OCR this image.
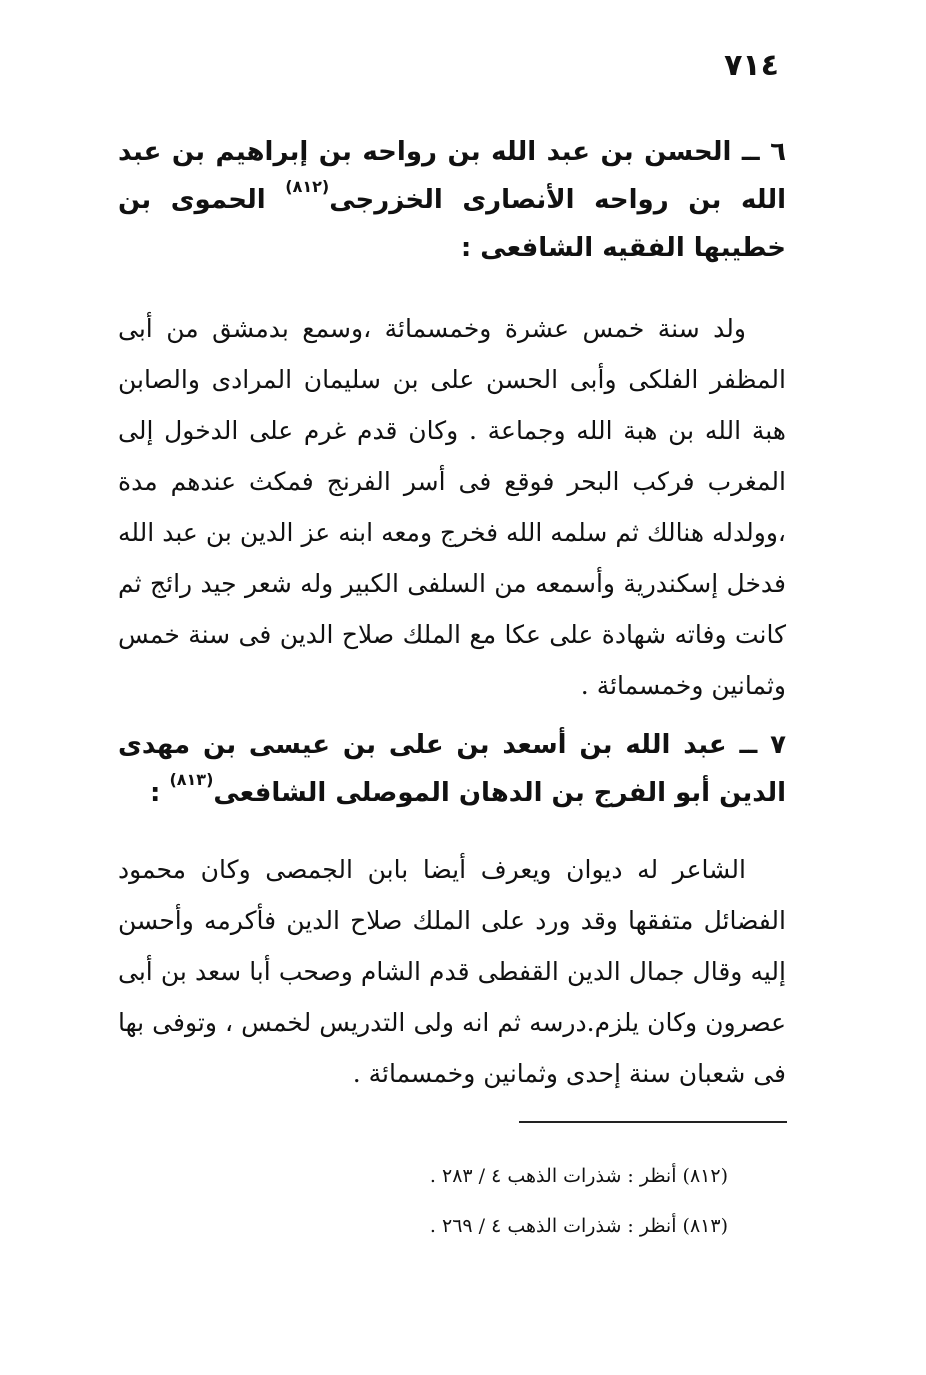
٧١٤
٦ ــ الحسن بن عبد الله بن رواحه بن إبراهيم بن عبد الله بن رواحه الأنصارى الخزرجى$^{(٨١٢)}$ الحموى بن خطيبها الفقيه الشافعى :

ولد سنة خمس عشرة وخمسمائة ،وسمع بدمشق من أبى المظفر الفلكى وأبى الحسن على بن سليمان المرادى والصابن هبة الله بن هبة الله وجماعة . وكان قدم غرم على الدخول إلى المغرب فركب البحر فوقع فى أسر الفرنج فمكث عندهم مدة ،وولدله هنالك ثم سلمه الله فخرج ومعه ابنه عز الدين بن عبد الله فدخل إسكندرية وأسمعه من السلفى الكبير وله شعر جيد رائج ثم كانت وفاته شهادة على عكا مع الملك صلاح الدين فى سنة خمس وثمانين وخمسمائة .

٧ ــ عبد الله بن أسعد بن على بن عيسى بن مهدى الدين أبو الفرج بن الدهان الموصلى الشافعى$^{(٨١٣)}$ :

الشاعر له ديوان ويعرف أيضا بابن الجمصى وكان محمود الفضائل متفقها وقد ورد على الملك صلاح الدين فأكرمه وأحسن إليه وقال جمال الدين القفطى قدم الشام وصحب أبا سعد بن أبى عصرون وكان يلزم.درسه ثم انه ولى التدريس لخمس ، وتوفى بها فى شعبان سنة إحدى وثمانين وخمسمائة .

(٨١٢) أنظر : شذرات الذهب ٤ / ٢٨٣ .
(٨١٣) أنظر : شذرات الذهب ٤ / ٢٦٩ .
